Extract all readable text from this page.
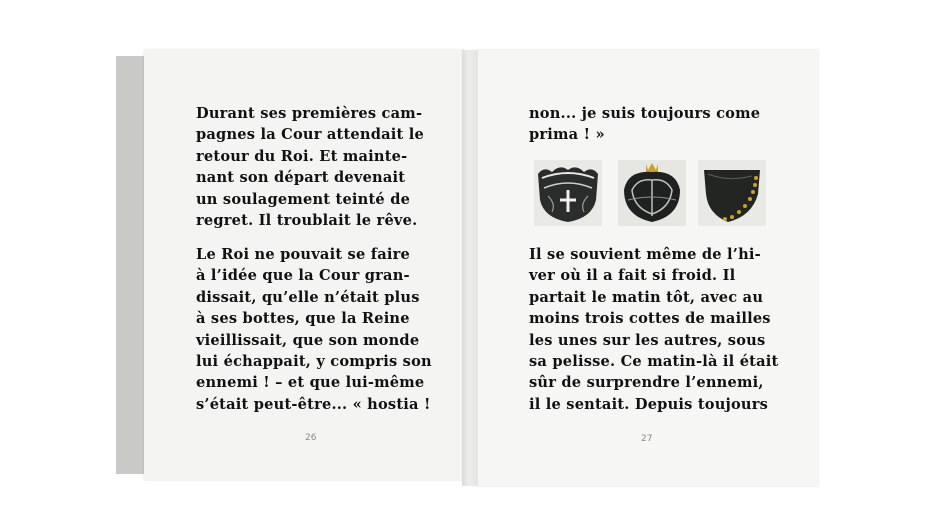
Durant ses premières cam-
pagnes la Cour attendait le
retour du Roi. Et mainte-
nant son départ devenait
un soulagement teinté de
regret. Il troublait le rêve.

Le Roi ne pouvait se faire
à l’idée que la Cour gran-
dissait, qu’elle n’était plus
à ses bottes, que la Reine
vieillissait, que son monde
lui échappait, y compris son
ennemi ! – et que lui-même
s’était peut-être... « hostia !

26

non... je suis toujours come
prima ! »

Il se souvient même de l’hi-
ver où il a fait si froid. Il
partait le matin tôt, avec au
moins trois cottes de mailles
les unes sur les autres, sous
sa pelisse. Ce matin-là il était
sûr de surprendre l’ennemi,
il le sentait. Depuis toujours

27
